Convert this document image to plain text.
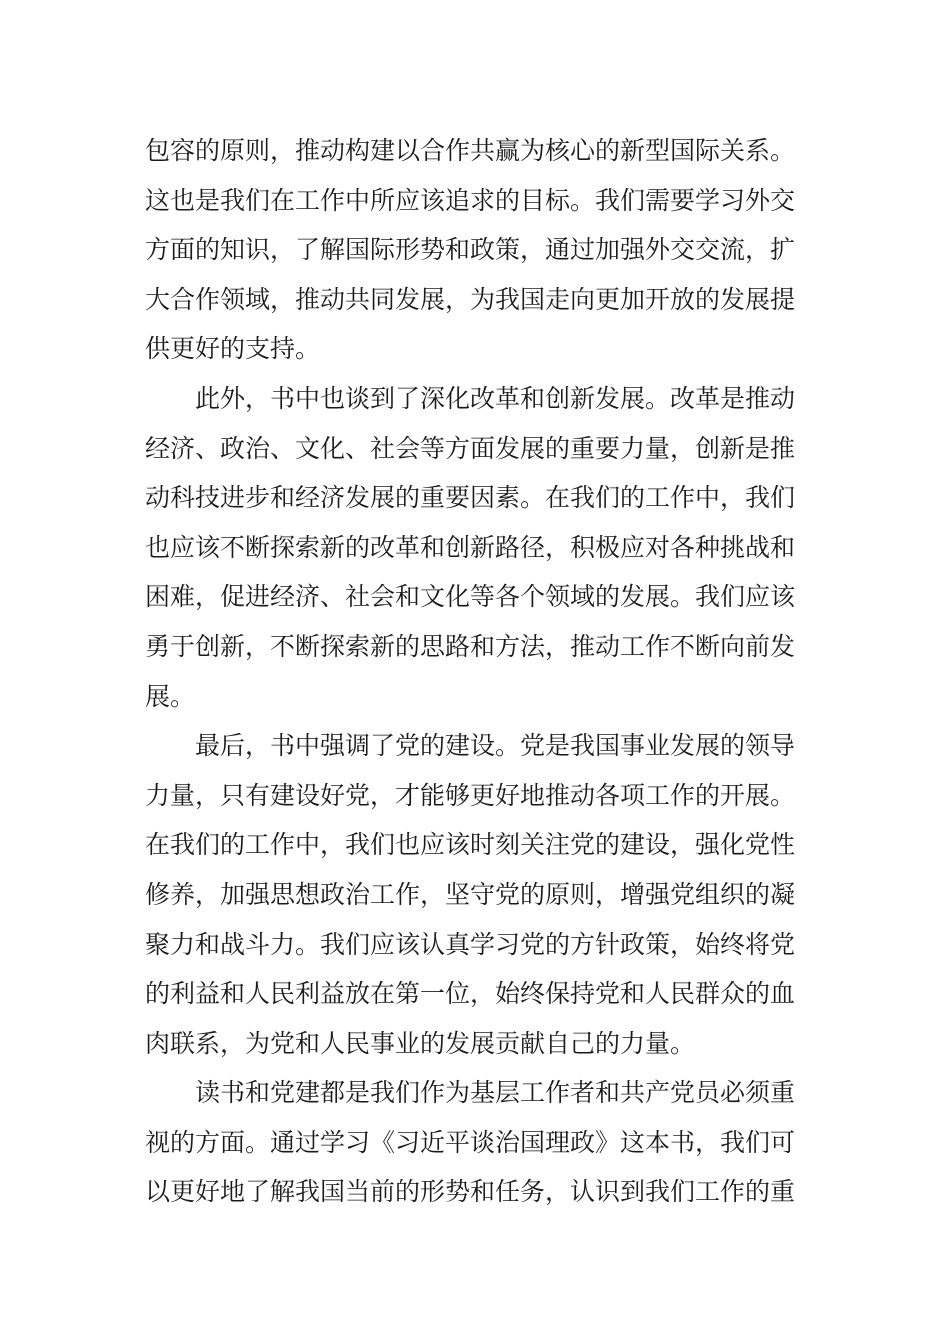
包容的原则，推动构建以合作共赢为核心的新型国际关系。
这也是我们在工作中所应该追求的目标。我们需要学习外交
方面的知识，了解国际形势和政策，通过加强外交交流，扩
大合作领域，推动共同发展，为我国走向更加开放的发展提
供更好的支持。
此外，书中也谈到了深化改革和创新发展。改革是推动
经济、政治、文化、社会等方面发展的重要力量，创新是推
动科技进步和经济发展的重要因素。在我们的工作中，我们
也应该不断探索新的改革和创新路径，积极应对各种挑战和
困难，促进经济、社会和文化等各个领域的发展。我们应该
勇于创新，不断探索新的思路和方法，推动工作不断向前发
展。
最后，书中强调了党的建设。党是我国事业发展的领导
力量，只有建设好党，才能够更好地推动各项工作的开展。
在我们的工作中，我们也应该时刻关注党的建设，强化党性
修养，加强思想政治工作，坚守党的原则，增强党组织的凝
聚力和战斗力。我们应该认真学习党的方针政策，始终将党
的利益和人民利益放在第一位，始终保持党和人民群众的血
肉联系，为党和人民事业的发展贡献自己的力量。
读书和党建都是我们作为基层工作者和共产党员必须重
视的方面。通过学习《习近平谈治国理政》这本书，我们可
以更好地了解我国当前的形势和任务，认识到我们工作的重
